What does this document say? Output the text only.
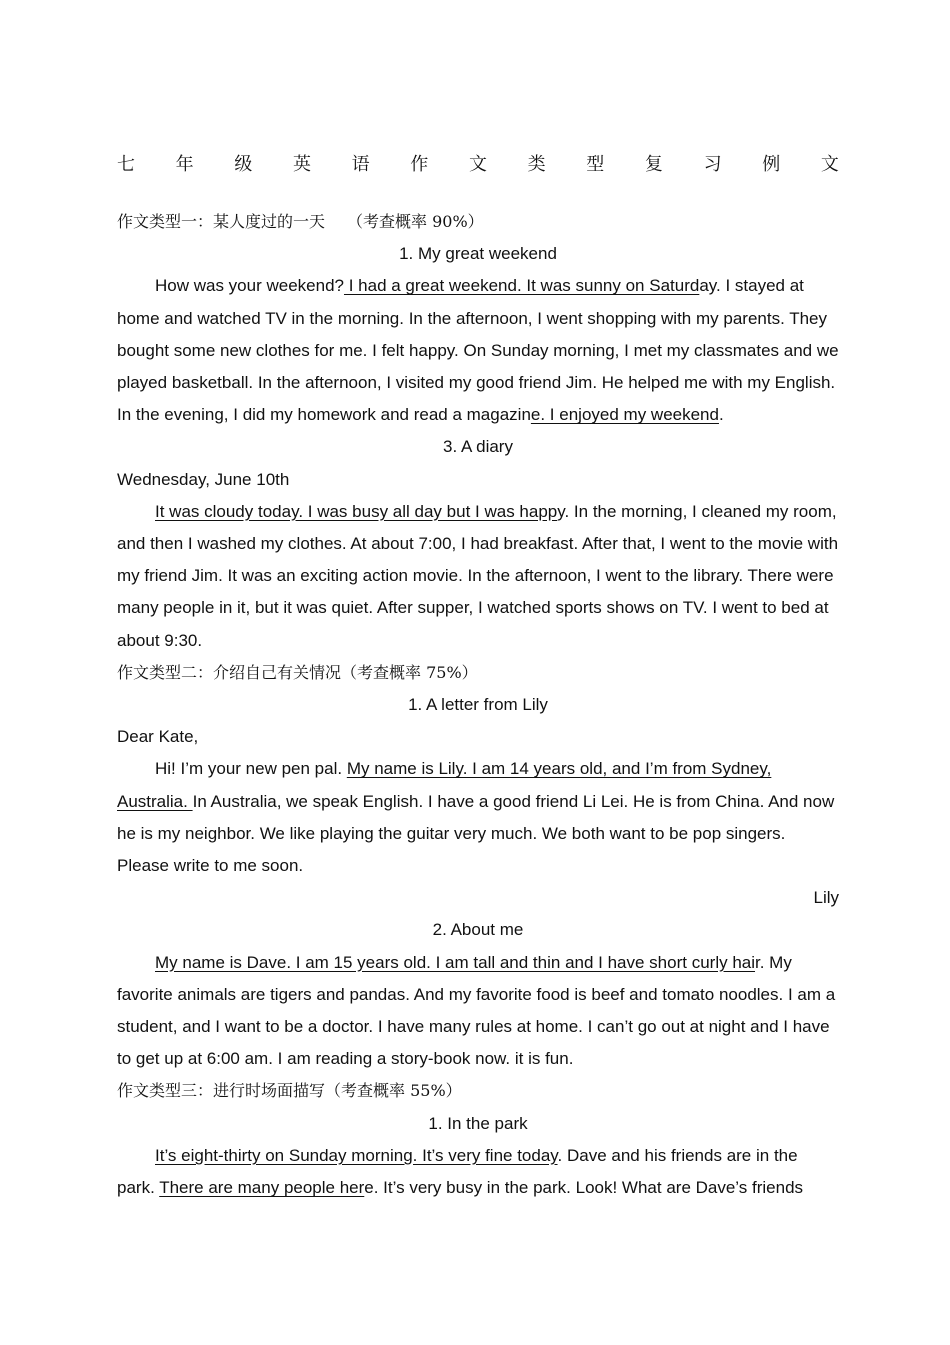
七 年 级 英 语 作 文 类 型 复 习 例 文

作文类型一：某人度过的一天 （考查概率 90%）

1. My great weekend

How was your weekend? I had a great weekend. It was sunny on Saturday. I stayed at home and watched TV in the morning. In the afternoon, I went shopping with my parents. They bought some new clothes for me. I felt happy. On Sunday morning, I met my classmates and we played basketball. In the afternoon, I visited my good friend Jim. He helped me with my English. In the evening, I did my homework and read a magazine. I enjoyed my weekend.

3. A diary

Wednesday, June 10th

It was cloudy today. I was busy all day but I was happy. In the morning, I cleaned my room, and then I washed my clothes. At about 7:00, I had breakfast. After that, I went to the movie with my friend Jim. It was an exciting action movie. In the afternoon, I went to the library. There were many people in it, but it was quiet. After supper, I watched sports shows on TV. I went to bed at about 9:30.

作文类型二：介绍自己有关情况（考查概率 75%）

1. A letter from Lily

Dear Kate,

Hi! I’m your new pen pal. My name is Lily. I am 14 years old, and I’m from Sydney, Australia. In Australia, we speak English. I have a good friend Li Lei. He is from China. And now he is my neighbor. We like playing the guitar very much. We both want to be pop singers. Please write to me soon.

Lily

2. About me

My name is Dave. I am 15 years old. I am tall and thin and I have short curly hair. My favorite animals are tigers and pandas. And my favorite food is beef and tomato noodles. I am a student, and I want to be a doctor. I have many rules at home. I can’t go out at night and I have to get up at 6:00 am. I am reading a story-book now. it is fun.

作文类型三：进行时场面描写（考查概率 55%）

1. In the park

It’s eight-thirty on Sunday morning. It’s very fine today. Dave and his friends are in the park. There are many people here. It’s very busy in the park. Look! What are Dave’s friends
